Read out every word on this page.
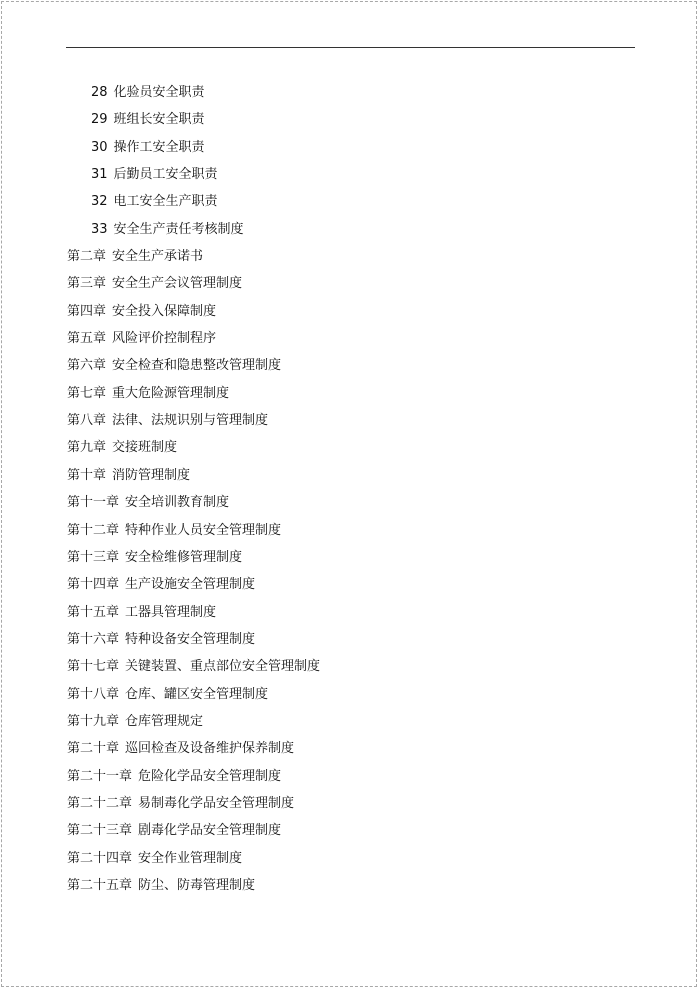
28 化验员安全职责
29 班组长安全职责
30 操作工安全职责
31 后勤员工安全职责
32 电工安全生产职责
33 安全生产责任考核制度
第二章 安全生产承诺书
第三章 安全生产会议管理制度
第四章 安全投入保障制度
第五章 风险评价控制程序
第六章 安全检查和隐患整改管理制度
第七章 重大危险源管理制度
第八章 法律、法规识别与管理制度
第九章 交接班制度
第十章 消防管理制度
第十一章 安全培训教育制度
第十二章 特种作业人员安全管理制度
第十三章 安全检维修管理制度
第十四章 生产设施安全管理制度
第十五章 工器具管理制度
第十六章 特种设备安全管理制度
第十七章 关键装置、重点部位安全管理制度
第十八章 仓库、罐区安全管理制度
第十九章 仓库管理规定
第二十章 巡回检查及设备维护保养制度
第二十一章 危险化学品安全管理制度
第二十二章 易制毒化学品安全管理制度
第二十三章 剧毒化学品安全管理制度
第二十四章 安全作业管理制度
第二十五章 防尘、防毒管理制度
